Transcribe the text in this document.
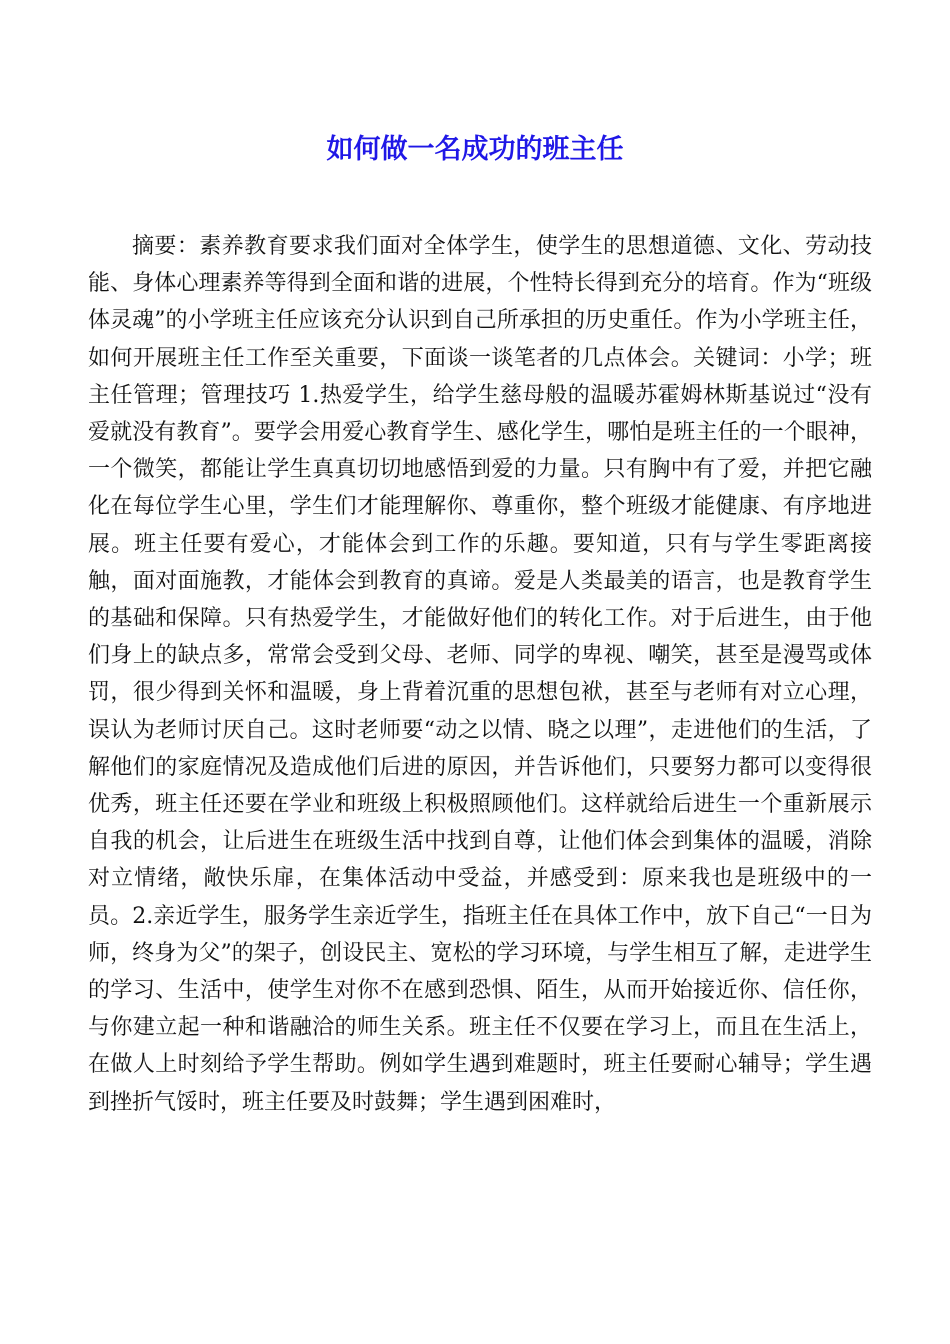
如何做一名成功的班主任

摘要：素养教育要求我们面对全体学生，使学生的思想道德、文化、劳动技能、身体心理素养等得到全面和谐的进展，个性特长得到充分的培育。作为“班级体灵魂”的小学班主任应该充分认识到自己所承担的历史重任。作为小学班主任，如何开展班主任工作至关重要，下面谈一谈笔者的几点体会。关键词：小学；班主任管理；管理技巧 1.热爱学生，给学生慈母般的温暖苏霍姆林斯基说过“没有爱就没有教育”。要学会用爱心教育学生、感化学生，哪怕是班主任的一个眼神，一个微笑，都能让学生真真切切地感悟到爱的力量。只有胸中有了爱，并把它融化在每位学生心里，学生们才能理解你、尊重你，整个班级才能健康、有序地进展。班主任要有爱心，才能体会到工作的乐趣。要知道，只有与学生零距离接触，面对面施教，才能体会到教育的真谛。爱是人类最美的语言，也是教育学生的基础和保障。只有热爱学生，才能做好他们的转化工作。对于后进生，由于他们身上的缺点多，常常会受到父母、老师、同学的卑视、嘲笑，甚至是漫骂或体罚，很少得到关怀和温暖，身上背着沉重的思想包袱，甚至与老师有对立心理，误认为老师讨厌自己。这时老师要“动之以情、晓之以理”，走进他们的生活，了解他们的家庭情况及造成他们后进的原因，并告诉他们，只要努力都可以变得很优秀，班主任还要在学业和班级上积极照顾他们。这样就给后进生一个重新展示自我的机会，让后进生在班级生活中找到自尊，让他们体会到集体的温暖，消除对立情绪，敞快乐扉，在集体活动中受益，并感受到：原来我也是班级中的一员。2.亲近学生，服务学生亲近学生，指班主任在具体工作中，放下自己“一日为师，终身为父”的架子，创设民主、宽松的学习环境，与学生相互了解，走进学生的学习、生活中，使学生对你不在感到恐惧、陌生，从而开始接近你、信任你，与你建立起一种和谐融洽的师生关系。班主任不仅要在学习上，而且在生活上，在做人上时刻给予学生帮助。例如学生遇到难题时，班主任要耐心辅导；学生遇到挫折气馁时，班主任要及时鼓舞；学生遇到困难时，
